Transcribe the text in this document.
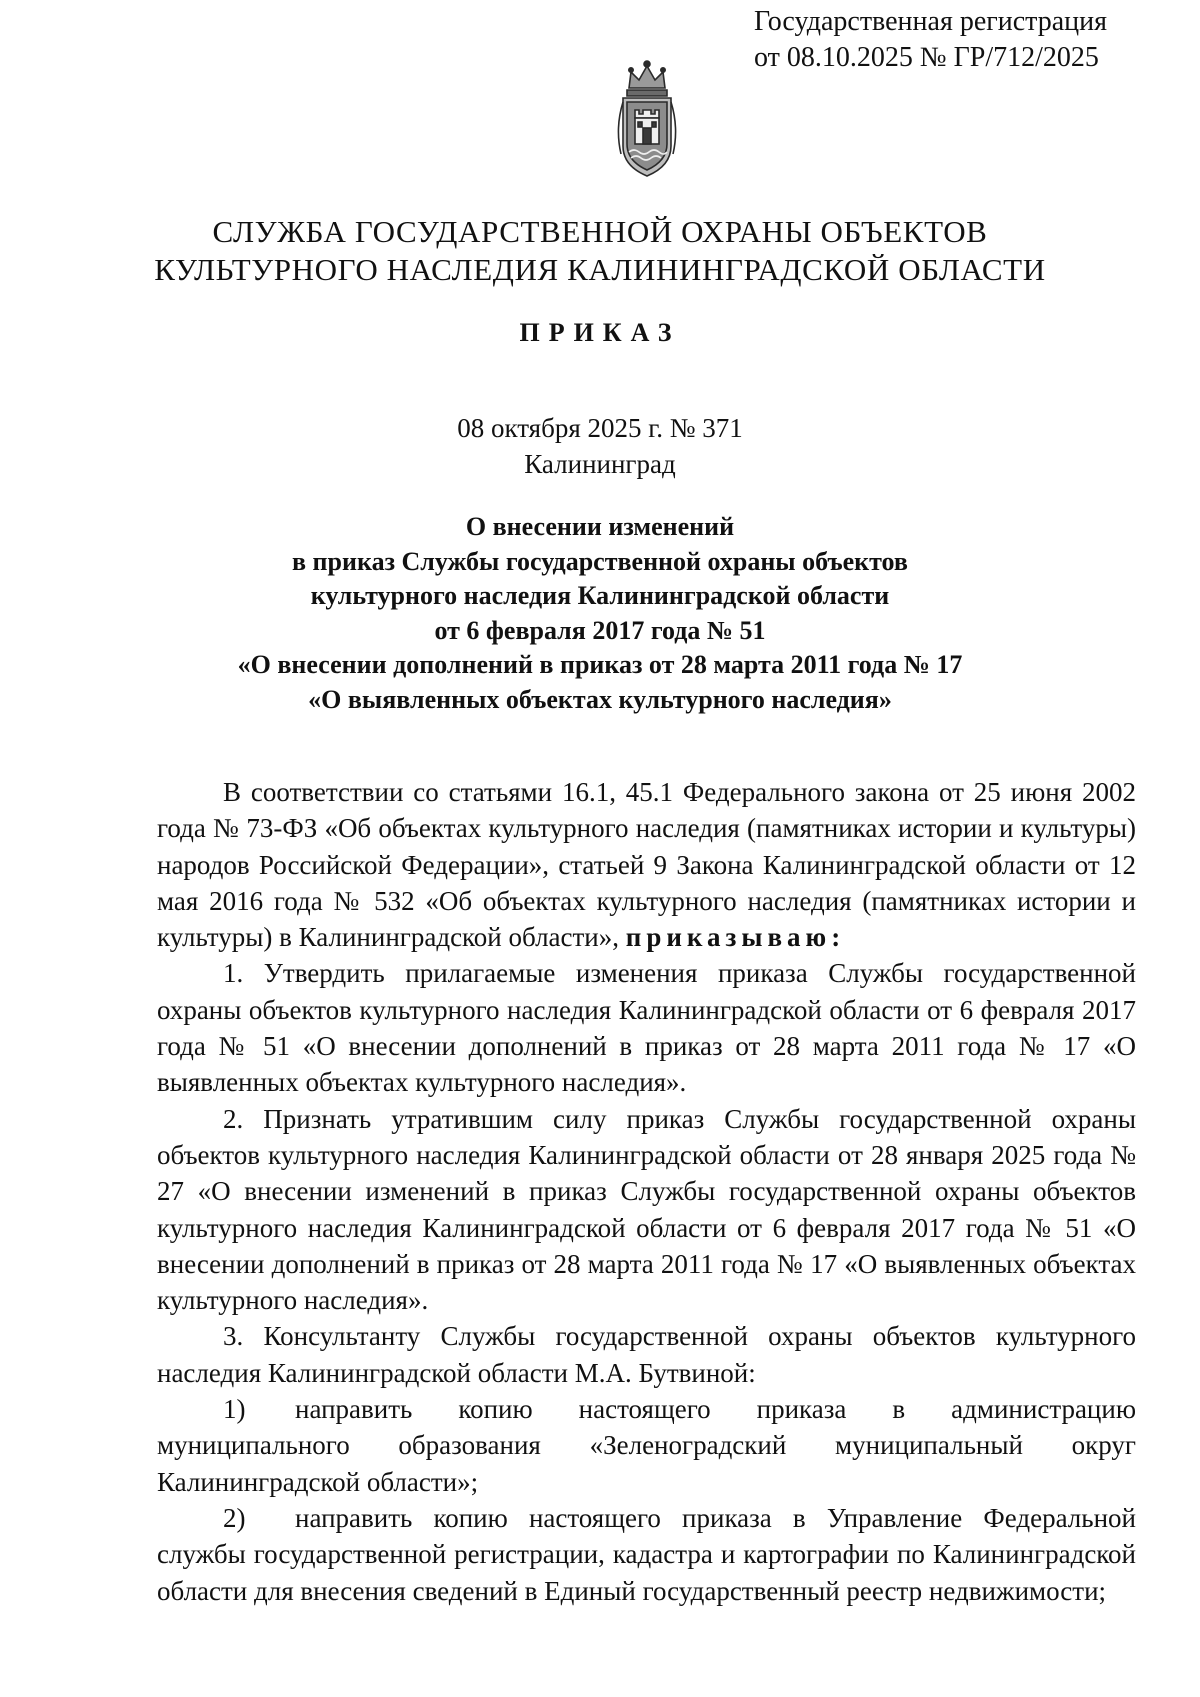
Государственная регистрация
от 08.10.2025 № ГР/712/2025
СЛУЖБА ГОСУДАРСТВЕННОЙ ОХРАНЫ ОБЪЕКТОВ
КУЛЬТУРНОГО НАСЛЕДИЯ КАЛИНИНГРАДСКОЙ ОБЛАСТИ
ПРИКАЗ
08 октября 2025 г. № 371
Калининград
О внесении изменений
в приказ Службы государственной охраны объектов
культурного наследия Калининградской области
от 6 февраля 2017 года № 51
«О внесении дополнений в приказ от 28 марта 2011 года № 17
«О выявленных объектах культурного наследия»

В соответствии со статьями 16.1, 45.1 Федерального закона от 25 июня 2002 года № 73-ФЗ «Об объектах культурного наследия (памятниках истории и культуры) народов Российской Федерации», статьей 9 Закона Калининградской области от 12 мая 2016 года № 532 «Об объектах культурного наследия (памятниках истории и культуры) в Калининградской области», приказываю:

1. Утвердить прилагаемые изменения приказа Службы государственной охраны объектов культурного наследия Калининградской области от 6 февраля 2017 года № 51 «О внесении дополнений в приказ от 28 марта 2011 года № 17 «О выявленных объектах культурного наследия».

2. Признать утратившим силу приказ Службы государственной охраны объектов культурного наследия Калининградской области от 28 января 2025 года № 27 «О внесении изменений в приказ Службы государственной охраны объектов культурного наследия Калининградской области от 6 февраля 2017 года № 51 «О внесении дополнений в приказ от 28 марта 2011 года № 17 «О выявленных объектах культурного наследия».

3. Консультанту Службы государственной охраны объектов культурного наследия Калининградской области М.А. Бутвиной:

1) направить копию настоящего приказа в администрацию муниципального образования «Зеленоградский муниципальный округ Калининградской области»;

2) направить копию настоящего приказа в Управление Федеральной службы государственной регистрации, кадастра и картографии по Калининградской области для внесения сведений в Единый государственный реестр недвижимости;
